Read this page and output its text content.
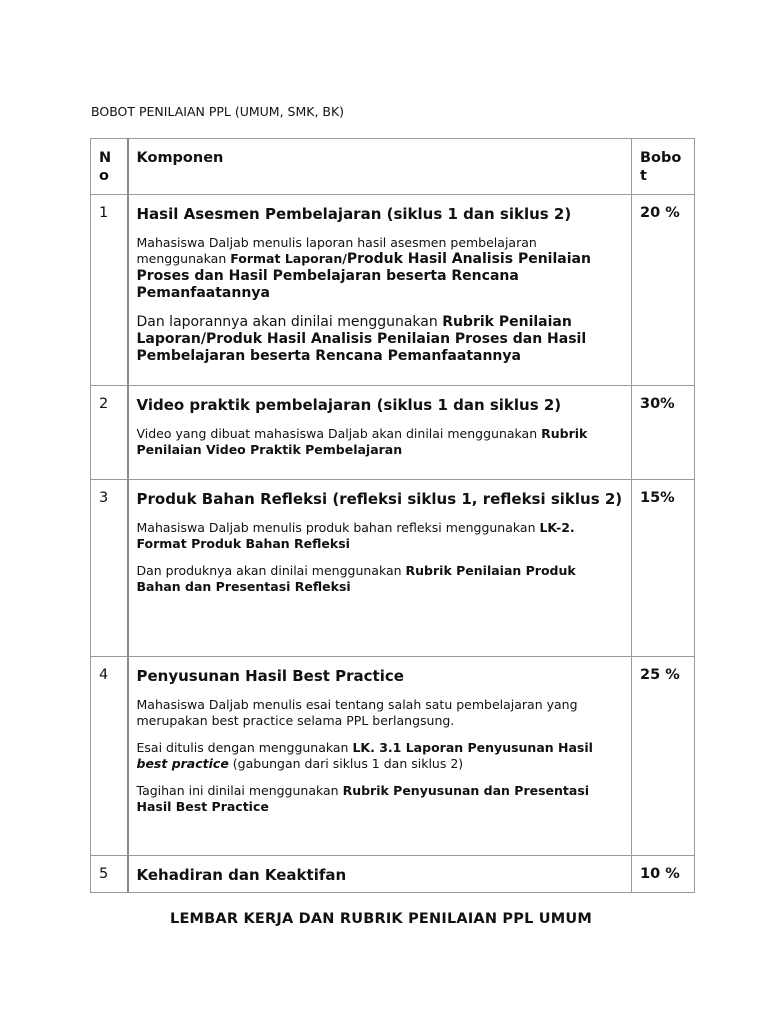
BOBOT PENILAIAN PPL (UMUM, SMK, BK)
No	Komponen	Bobot

1	Hasil Asesmen Pembelajaran (siklus 1 dan siklus 2)

Mahasiswa Daljab menulis laporan hasil asesmen pembelajaran menggunakan Format Laporan/Produk Hasil Analisis Penilaian Proses dan Hasil Pembelajaran beserta Rencana Pemanfaatannya

Dan laporannya akan dinilai menggunakan Rubrik Penilaian Laporan/Produk Hasil Analisis Penilaian Proses dan Hasil Pembelajaran beserta Rencana Pemanfaatannya	20 %
2	Video praktik pembelajaran (siklus 1 dan siklus 2)

Video yang dibuat mahasiswa Daljab akan dinilai menggunakan Rubrik Penilaian Video Praktik Pembelajaran	30%
3	Produk Bahan Refleksi (refleksi siklus 1, refleksi siklus 2)

Mahasiswa Daljab menulis produk bahan refleksi menggunakan LK-2. Format Produk Bahan Refleksi

Dan produknya akan dinilai menggunakan Rubrik Penilaian Produk Bahan dan Presentasi Refleksi	15%
4	Penyusunan Hasil Best Practice

Mahasiswa Daljab menulis esai tentang salah satu pembelajaran yang merupakan best practice selama PPL berlangsung.

Esai ditulis dengan menggunakan LK. 3.1 Laporan Penyusunan Hasil best practice (gabungan dari siklus 1 dan siklus 2)

Tagihan ini dinilai menggunakan Rubrik Penyusunan dan Presentasi Hasil Best Practice	25 %
5	Kehadiran dan Keaktifan	10 %
LEMBAR KERJA DAN RUBRIK PENILAIAN PPL UMUM
